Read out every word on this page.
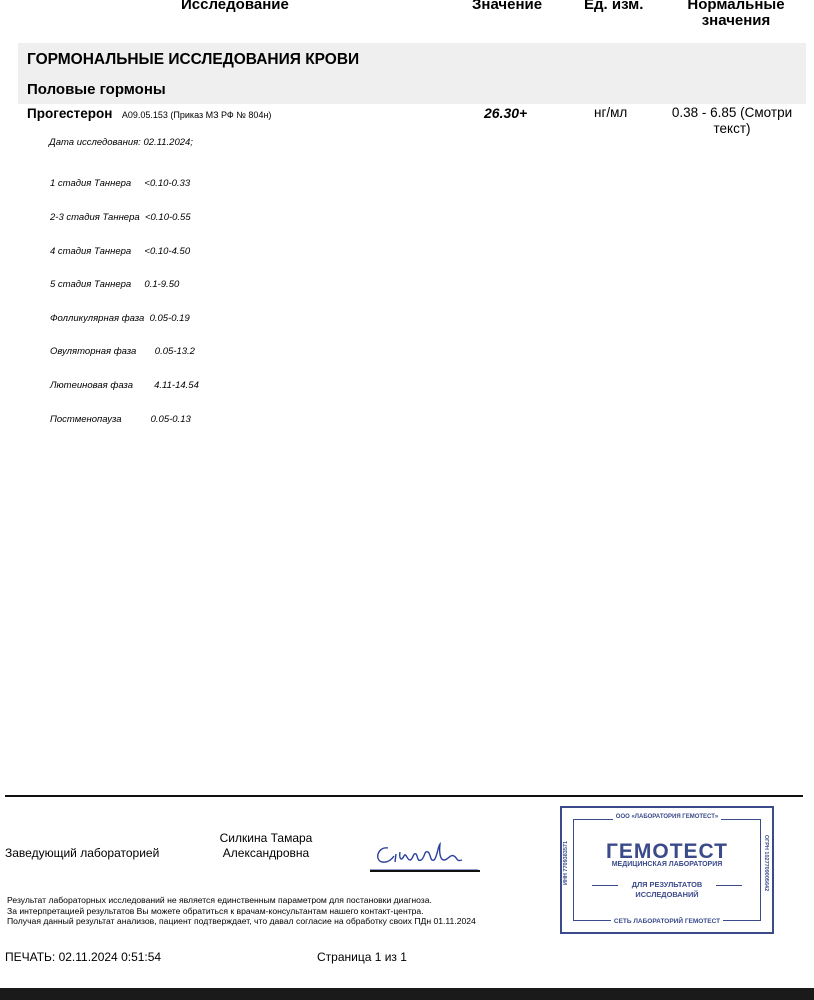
Исследование	Значение	Ед. изм.	Нормальные
значения
ГОРМОНАЛЬНЫЕ ИССЛЕДОВАНИЯ КРОВИ
Половые гормоны
Прогестерон A09.05.153 (Приказ МЗ РФ № 804н)	26.30+	нг/мл	0.38 - 6.85 (Смотри
текст)
Дата исследования: 02.11.2024;

1 стадия Таннера <0.10-0.33

2-3 стадия Таннера <0.10-0.55

4 стадия Таннера <0.10-4.50

5 стадия Таннера 0.1-9.50

Фолликулярная фаза 0.05-0.19

Овуляторная фаза 0.05-13.2

Лютеиновая фаза 4.11-14.54

Постменопауза	0.05-0.13

Заведующий лабораторией
Силкина Тамара
Александровна
ООО «ЛАБОРАТОРИЯ ГЕМОТЕСТ»
СЕТЬ ЛАБОРАТОРИЙ ГЕМОТЕСТ
ГЕМОТЕСТ
МЕДИЦИНСКАЯ ЛАБОРАТОРИЯ
ДЛЯ РЕЗУЛЬТАТОВ
ИССЛЕДОВАНИЙ
ИНН 7709383571	ОГРН 1027709005642
Результат лабораторных исследований не является единственным параметром для постановки диагноза.
За интерпретацией результатов Вы можете обратиться к врачам-консультантам нашего контакт-центра.
Получая данный результат анализов, пациент подтверждает, что давал согласие на обработку своих ПДн 01.11.2024
ПЕЧАТЬ: 02.11.2024 0:51:54	Страница 1 из 1
